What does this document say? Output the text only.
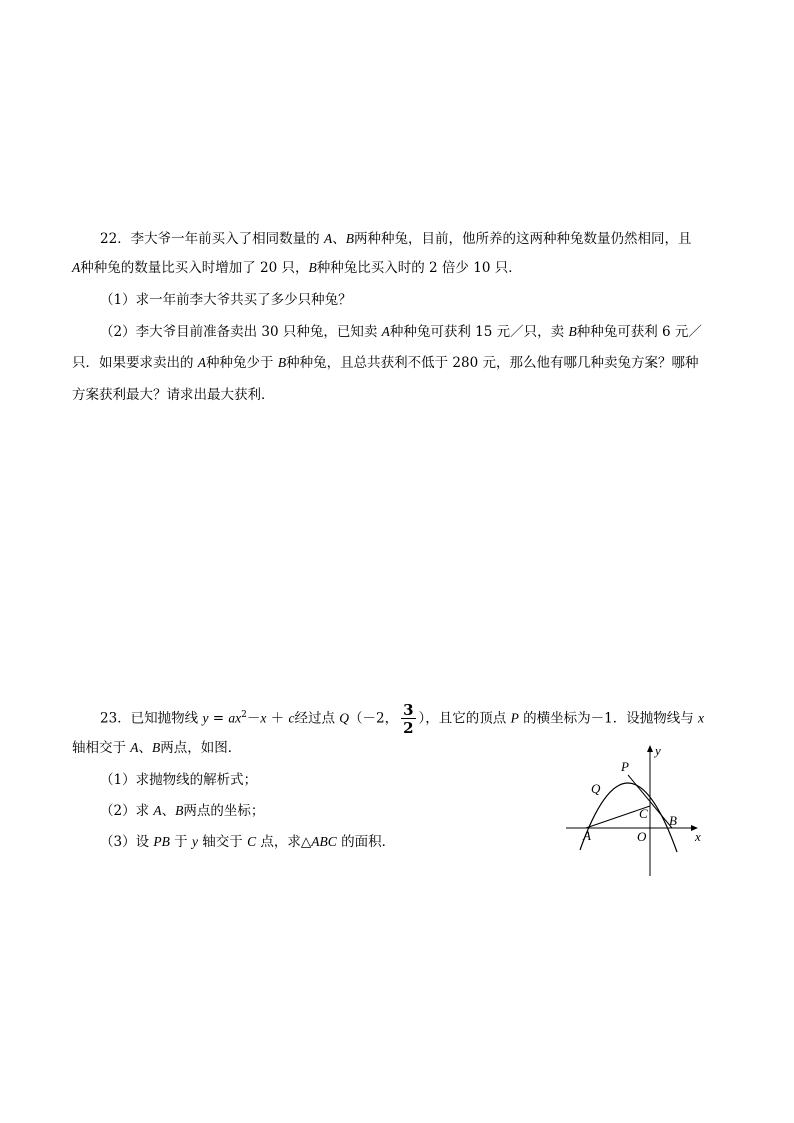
22．李大爷一年前买入了相同数量的 A、B两种种兔，目前，他所养的这两种种兔数量仍然相同，且
A种种兔的数量比买入时增加了 20 只，B种种兔比买入时的 2 倍少 10 只．
（1）求一年前李大爷共买了多少只种兔？
（2）李大爷目前准备卖出 30 只种兔，已知卖 A种种兔可获利 15 元／只，卖 B种种兔可获利 6 元／
只．如果要求卖出的 A种种兔少于 B种种兔，且总共获利不低于 280 元，那么他有哪几种卖兔方案？哪种
方案获利最大？请求出最大获利．
23．已知抛物线 $y = ax^2-x + c$经过点 Q（－2， $\frac{3}{2}$ ），且它的顶点 P 的横坐标为－1．设抛物线与 x
轴相交于 A、B两点，如图．
（1）求抛物线的解析式；
（2）求 A、B两点的坐标；
（3）设 PB 于 y 轴交于 C 点，求△ABC 的面积．
y
x
P
Q
C
A	O
B
